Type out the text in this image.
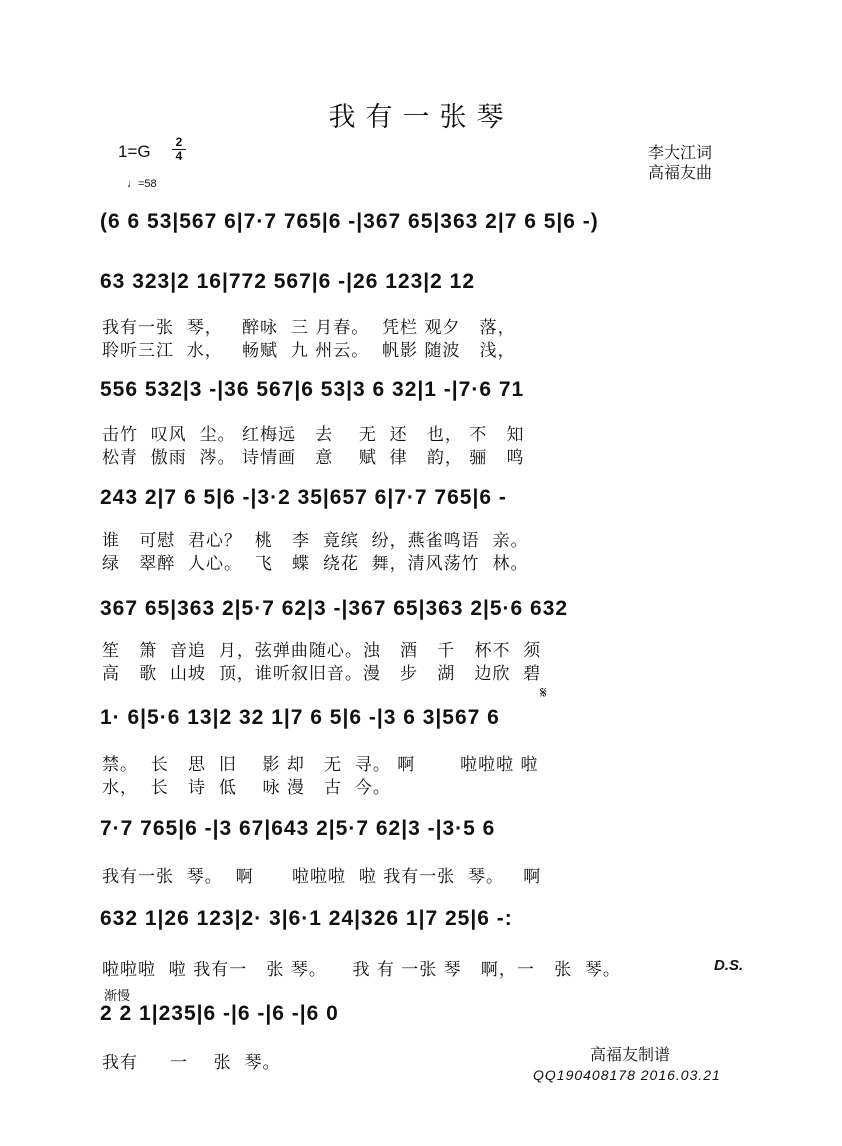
我有一张琴
1=G	2
4
♩=58
李大江词
高福友曲
(6 6 53|567 6|7·7 765|6 -|367 65|363 2|7 6 5|6 -)
63 323|2 16|772 567|6 -|26 123|2 12
我有一张  琴，   醉咏  三 月春。  凭栏 观夕   落，
聆听三江  水，   畅赋  九 州云。  帆影 随波   浅，
556 532|3 -|36 567|6 53|3 6 32|1 -|7·6 71
击竹  叹风  尘。 红梅远   去    无  还   也， 不   知
松青  傲雨  涔。 诗情画   意    赋  律   韵， 骊   鸣
243 2|7 6 5|6 -|3·2 35|657 6|7·7 765|6 -
谁   可慰  君心？  桃   李  竟缤  纷，燕雀鸣语  亲。
绿   翠醉  人心。  飞   蝶  绕花  舞，清风荡竹  林。
367 65|363 2|5·7 62|3 -|367 65|363 2|5·6 632
笙   箫  音追  月，弦弹曲随心。浊   酒   千   杯不  须
高   歌  山坡  顶，谁听叙旧音。漫   步   湖   边欣  碧
1· 6|5·6 13|2 32 1|7 6 5|6 -|3 6 3|567 6
𝄋
禁。  长   思  旧    影 却   无  寻。 啊       啦啦啦 啦
水，  长   诗  低    咏 漫   古  今。
7·7 765|6 -|3 67|643 2|5·7 62|3 -|3·5 6
我有一张  琴。  啊      啦啦啦  啦 我有一张  琴。   啊
632 1|26 123|2· 3|6·1 24|326 1|7 25|6 -:
啦啦啦  啦 我有一   张 琴。    我 有 一张 琴   啊，一   张  琴。	D.S.
渐慢
2 2 1|235|6 -|6 -|6 -|6 0
我有     一    张  琴。	高福友制谱
QQ190408178 2016.03.21
